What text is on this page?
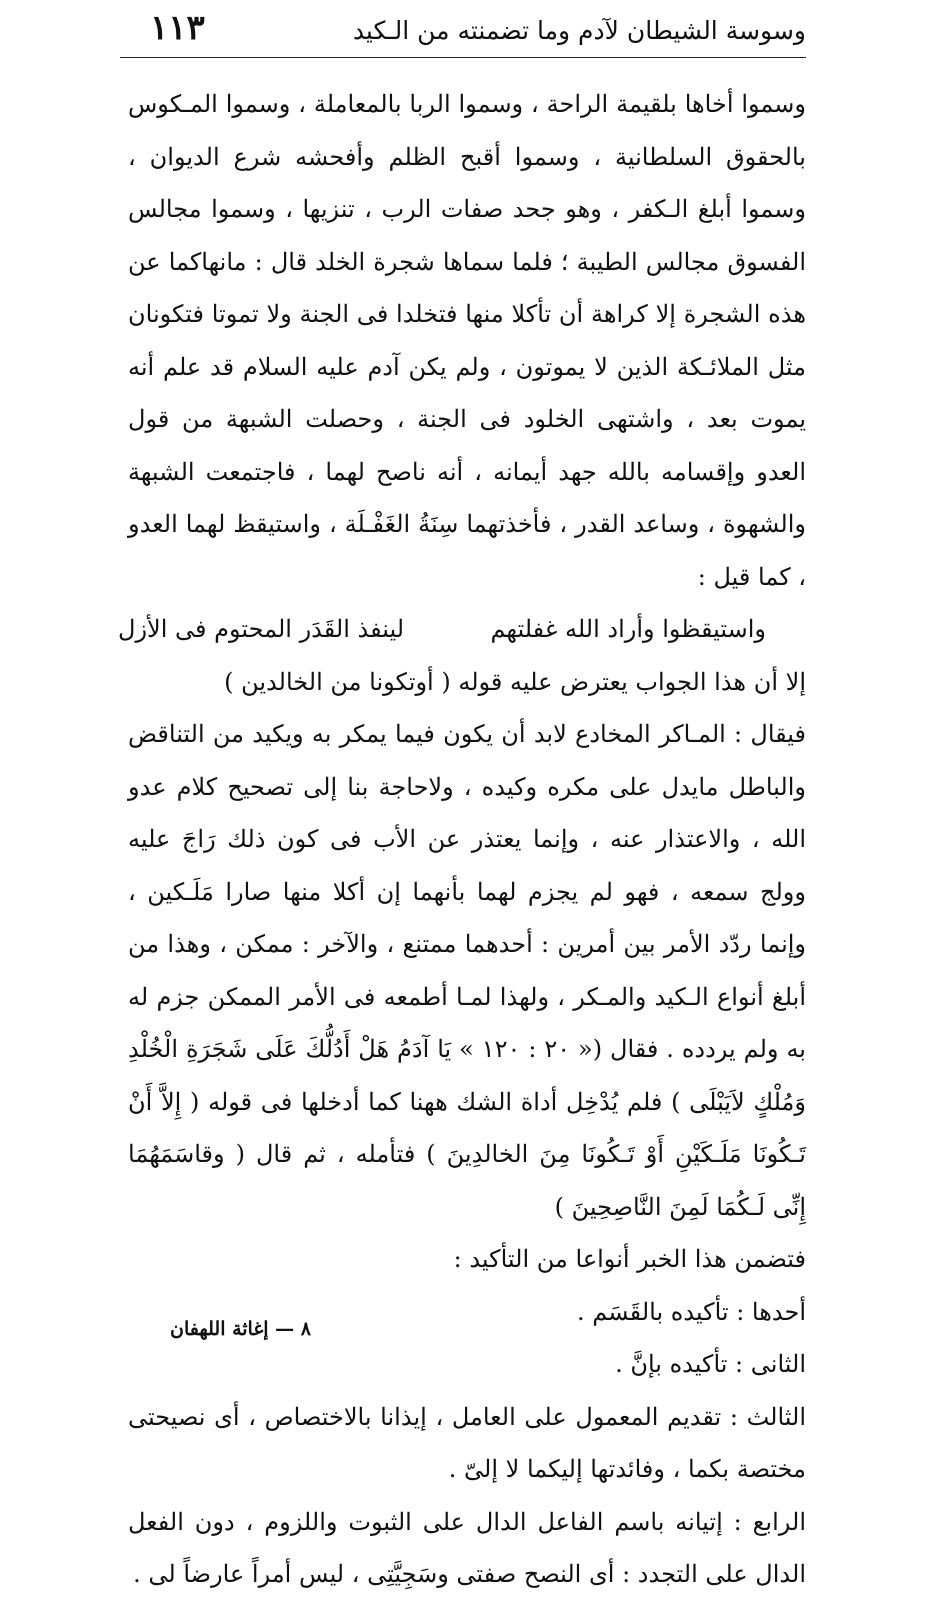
وسوسة الشيطان لآدم وما تضمنته من الـكيد
١١٣

وسموا أخاها بلقيمة الراحة ، وسموا الربا بالمعاملة ، وسموا المـكوس بالحقوق السلطانية ، وسموا أقبح الظلم وأفحشه شرع الديوان ، وسموا أبلغ الـكفر ، وهو جحد صفات الرب ، تنزيها ، وسموا مجالس الفسوق مجالس الطيبة ؛ فلما سماها شجرة الخلد قال : مانهاكما عن هذه الشجرة إلا كراهة أن تأكلا منها فتخلدا فى الجنة ولا تموتا فتكونان مثل الملائـكة الذين لا يموتون ، ولم يكن آدم عليه السلام قد علم أنه يموت بعد ، واشتهى الخلود فى الجنة ، وحصلت الشبهة من قول العدو وإقسامه بالله جهد أيمانه ، أنه ناصح لهما ، فاجتمعت الشبهة والشهوة ، وساعد القدر ، فأخذتهما سِنَةُ الغَفْـلَة ، واستيقظ لهما العدو ، كما قيل :

واستيقظوا وأراد الله غفلتهم
لينفذ القَدَر المحتوم فى الأزل

إلا أن هذا الجواب يعترض عليه قوله ( أوتكونا من الخالدين )

فيقال : المـاكر المخادع لابد أن يكون فيما يمكر به ويكيد من التناقض والباطل مايدل على مكره وكيده ، ولاحاجة بنا إلى تصحيح كلام عدو الله ، والاعتذار عنه ، وإنما يعتذر عن الأب فى كون ذلك رَاجَ عليه وولج سمعه ، فهو لم يجزم لهما بأنهما إن أكلا منها صارا مَلَـكين ، وإنما ردّد الأمر بين أمرين : أحدهما ممتنع ، والآخر : ممكن ، وهذا من أبلغ أنواع الـكيد والمـكر ، ولهذا لمـا أطمعه فى الأمر الممكن جزم له به ولم يردده . فقال (« ٢٠ : ١٢٠ » يَا آدَمُ هَلْ أَدُلُّكَ عَلَى شَجَرَةِ الْخُلْدِ وَمُلْكٍ لاَيَبْلَى ) فلم يُدْخِل أداة الشك ههنا كما أدخلها فى قوله ( إِلاَّ أَنْ تَـكُونَا مَلَـكَيْنِ أَوْ تَـكُونَا مِنَ الخالدِينَ ) فتأمله ، ثم قال ( وقاسَمَهُمَا إِنِّى لَـكُمَا لَمِنَ النَّاصِحِينَ )

فتضمن هذا الخبر أنواعا من التأكيد :

أحدها : تأكيده بالقَسَم .

الثانى : تأكيده بإنَّ .

الثالث : تقديم المعمول على العامل ، إيذانا بالاختصاص ، أى نصيحتى مختصة بكما ، وفائدتها إليكما لا إلىّ .

الرابع : إتيانه باسم الفاعل الدال على الثبوت واللزوم ، دون الفعل الدال على التجدد : أى النصح صفتى وسَجِيَّتِى ، ليس أمراً عارضاً لى .

٨ — إغاثة اللهفان
